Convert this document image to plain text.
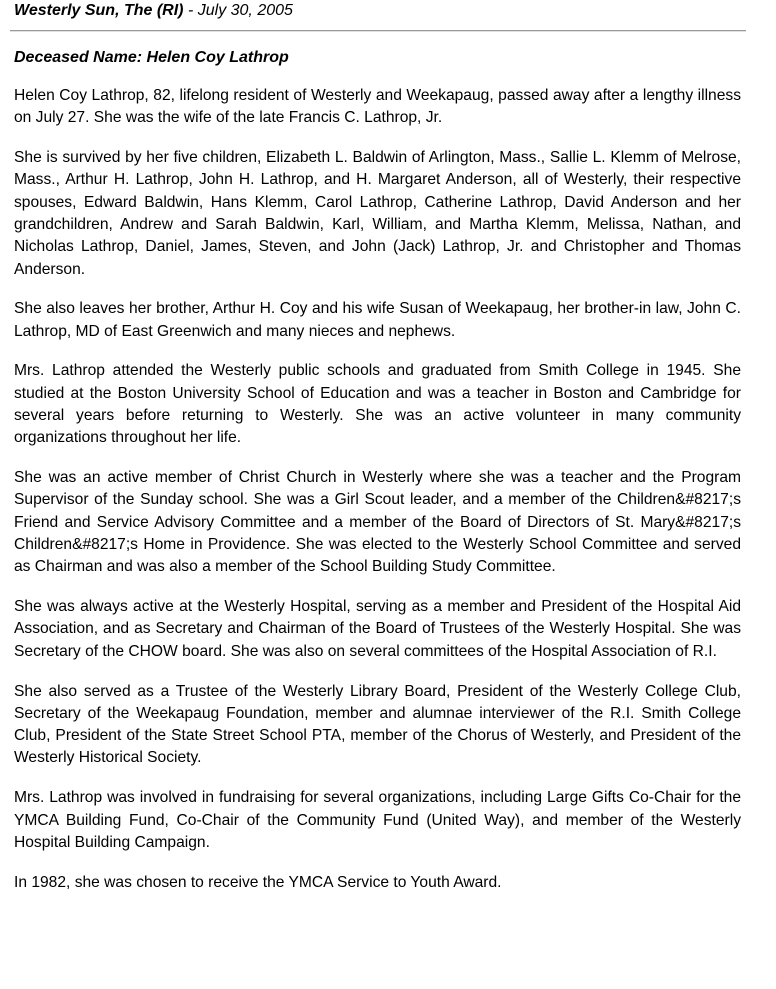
Westerly Sun, The (RI) - July 30, 2005
Deceased Name: Helen Coy Lathrop

Helen Coy Lathrop, 82, lifelong resident of Westerly and Weekapaug, passed away after a lengthy illness on July 27. She was the wife of the late Francis C. Lathrop, Jr.

She is survived by her five children, Elizabeth L. Baldwin of Arlington, Mass., Sallie L. Klemm of Melrose, Mass., Arthur H. Lathrop, John H. Lathrop, and H. Margaret Anderson, all of Westerly, their respective spouses, Edward Baldwin, Hans Klemm, Carol Lathrop, Catherine Lathrop, David Anderson and her grandchildren, Andrew and Sarah Baldwin, Karl, William, and Martha Klemm, Melissa, Nathan, and Nicholas Lathrop, Daniel, James, Steven, and John (Jack) Lathrop, Jr. and Christopher and Thomas Anderson.

She also leaves her brother, Arthur H. Coy and his wife Susan of Weekapaug, her brother-in law, John C. Lathrop, MD of East Greenwich and many nieces and nephews.

Mrs. Lathrop attended the Westerly public schools and graduated from Smith College in 1945. She studied at the Boston University School of Education and was a teacher in Boston and Cambridge for several years before returning to Westerly. She was an active volunteer in many community organizations throughout her life.

She was an active member of Christ Church in Westerly where she was a teacher and the Program Supervisor of the Sunday school. She was a Girl Scout leader, and a member of the Children&#8217;s Friend and Service Advisory Committee and a member of the Board of Directors of St. Mary&#8217;s Children&#8217;s Home in Providence. She was elected to the Westerly School Committee and served as Chairman and was also a member of the School Building Study Committee.

She was always active at the Westerly Hospital, serving as a member and President of the Hospital Aid Association, and as Secretary and Chairman of the Board of Trustees of the Westerly Hospital. She was Secretary of the CHOW board. She was also on several committees of the Hospital Association of R.I.

She also served as a Trustee of the Westerly Library Board, President of the Westerly College Club, Secretary of the Weekapaug Foundation, member and alumnae interviewer of the R.I. Smith College Club, President of the State Street School PTA, member of the Chorus of Westerly, and President of the Westerly Historical Society.

Mrs. Lathrop was involved in fundraising for several organizations, including Large Gifts Co-Chair for the YMCA Building Fund, Co-Chair of the Community Fund (United Way), and member of the Westerly Hospital Building Campaign.

In 1982, she was chosen to receive the YMCA Service to Youth Award.
